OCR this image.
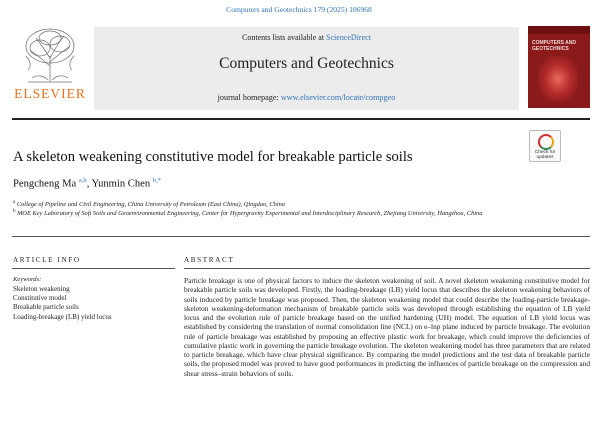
Computers and Geotechnics 179 (2025) 106968
ELSEVIER
Contents lists available at ScienceDirect
Computers and Geotechnics
journal homepage: www.elsevier.com/locate/compgeo
COMPUTERS AND GEOTECHNICS
A skeleton weakening constitutive model for breakable particle soils	Check for
updates
Pengcheng Ma $^{a,b}$, Yunmin Chen $^{b,*}$
$^a$ College of Pipeline and Civil Engineering, China University of Petroleum (East China), Qingdao, China
$^b$ MOE Key Laboratory of Soft Soils and Geoenvironmental Engineering, Center for Hypergravity Experimental and Interdisciplinary Research, Zhejiang University, Hangzhou, China
ARTICLE INFO	ABSTRACT
Keywords:
Skeleton weakening
Constitutive model
Breakable particle soils
Loading-breakage (LB) yield locus
Particle breakage is one of physical factors to induce the skeleton weakening of soil. A novel skeleton weakening constitutive model for breakable particle soils was developed. Firstly, the loading-breakage (LB) yield locus that describes the skeleton weakening behaviors of soils induced by particle breakage was proposed. Then, the skeleton weakening model that could describe the loading-particle breakage-skeleton weakening-deformation mechanism of breakable particle soils was developed through establishing the equation of LB yield locus and the evolution rule of particle breakage based on the unified hardening (UH) model. The equation of LB yield locus was established by considering the translation of normal consolidation line (NCL) on e–lnp plane induced by particle breakage. The evolution rule of particle breakage was established by proposing an effective plastic work for breakage, which could improve the deficiencies of cumulative plastic work in governing the particle breakage evolution. The skeleton weakening model has three parameters that are related to particle breakage, which have clear physical significance. By comparing the model predictions and the test data of breakable particle soils, the proposed model was proved to have good performances in predicting the influences of particle breakage on the compression and shear stress–strain behaviors of soils.
